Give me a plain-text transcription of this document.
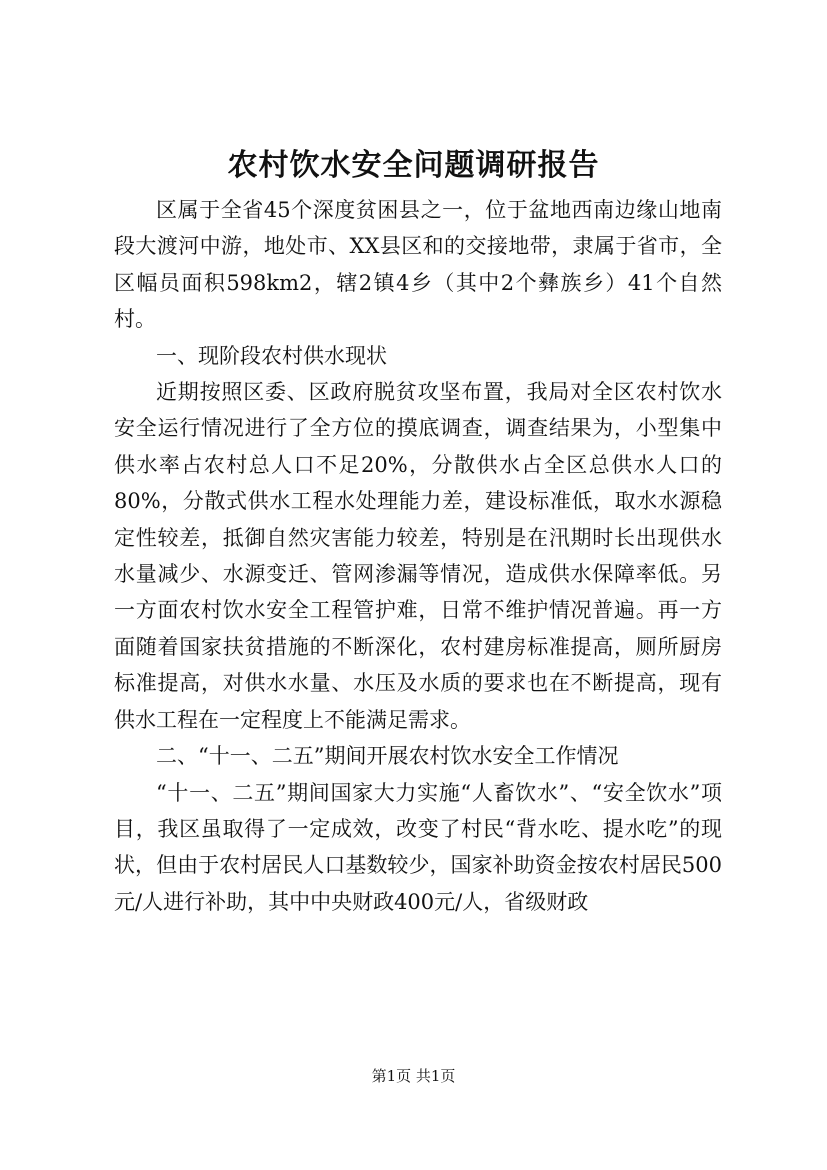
农村饮水安全问题调研报告

区属于全省45个深度贫困县之一，位于盆地西南边缘山地南段大渡河中游，地处市、XX县区和的交接地带，隶属于省市，全区幅员面积598km2，辖2镇4乡（其中2个彝族乡）41个自然村。

一、现阶段农村供水现状

近期按照区委、区政府脱贫攻坚布置，我局对全区农村饮水安全运行情况进行了全方位的摸底调查，调查结果为，小型集中供水率占农村总人口不足20%，分散供水占全区总供水人口的80%，分散式供水工程水处理能力差，建设标准低，取水水源稳定性较差，抵御自然灾害能力较差，特别是在汛期时长出现供水水量减少、水源变迁、管网渗漏等情况，造成供水保障率低。另一方面农村饮水安全工程管护难，日常不维护情况普遍。再一方面随着国家扶贫措施的不断深化，农村建房标准提高，厕所厨房标准提高，对供水水量、水压及水质的要求也在不断提高，现有供水工程在一定程度上不能满足需求。

二、“十一、二五”期间开展农村饮水安全工作情况

“十一、二五”期间国家大力实施“人畜饮水”、“安全饮水”项目，我区虽取得了一定成效，改变了村民“背水吃、提水吃”的现状，但由于农村居民人口基数较少，国家补助资金按农村居民500元/人进行补助，其中中央财政400元/人，省级财政

第1页 共1页
